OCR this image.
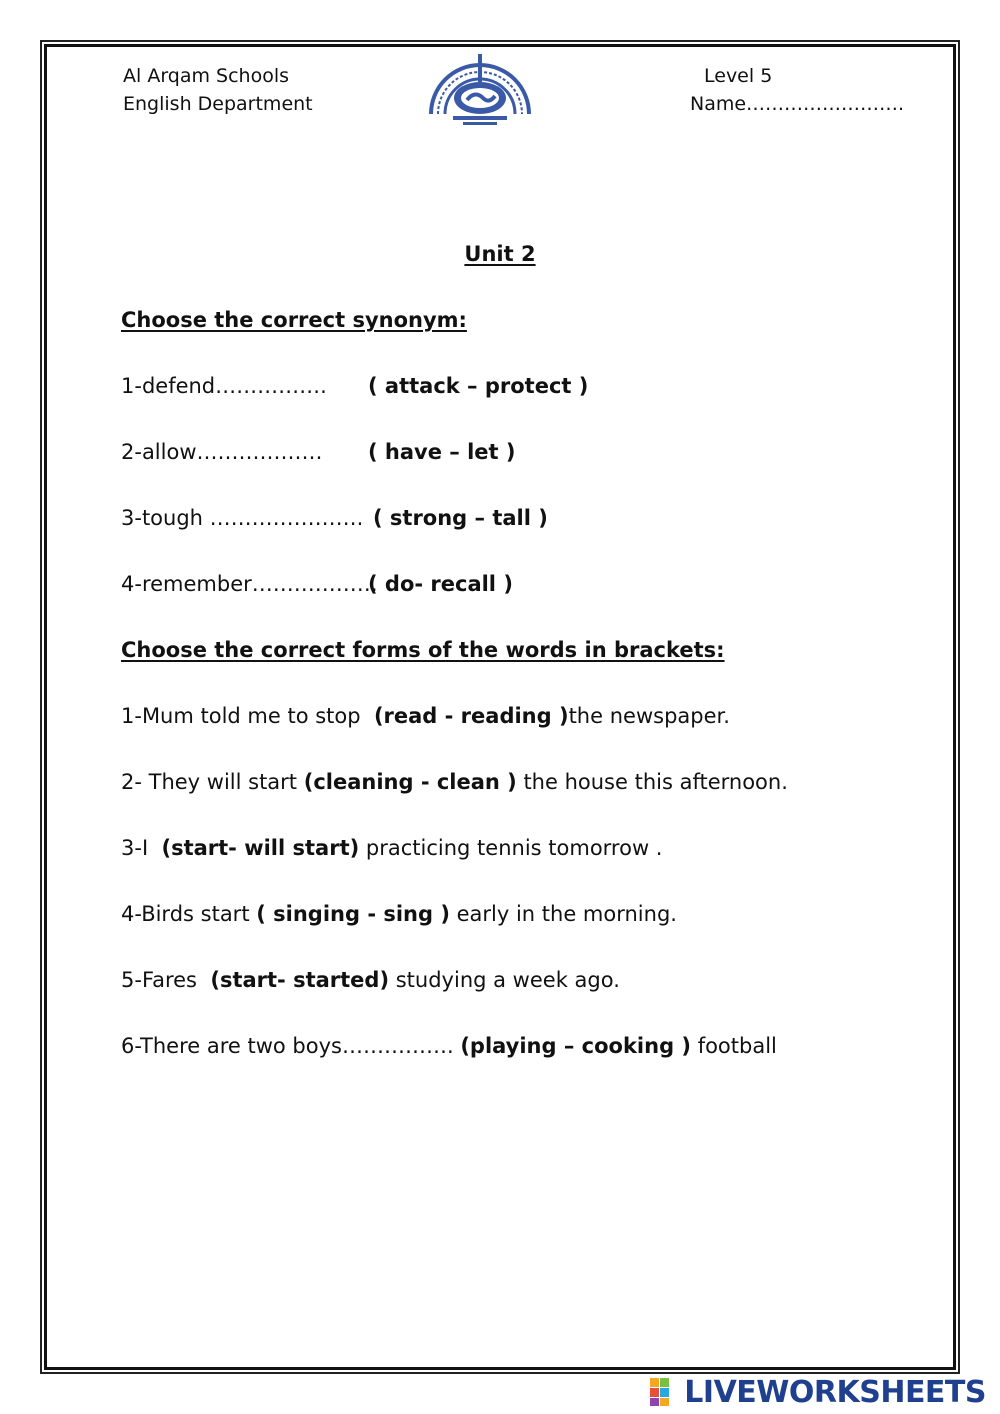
Al Arqam Schools
English Department
Level 5
Name…………………….
Unit 2
Choose the correct synonym:
1-defend……………. ( attack – protect )
2-allow……………… ( have – let )
3-tough …………………. ( strong – tall )
4-remember………………
( do- recall )
Choose the correct forms of the words in brackets:
1-Mum told me to stop  (read - reading )the newspaper.
2- They will start (cleaning - clean ) the house this afternoon.
3-I  (start- will start) practicing tennis tomorrow .
4-Birds start ( singing - sing ) early in the morning.
5-Fares  (start- started) studying a week ago.
6-There are two boys……………. (playing – cooking ) football
LIVEWORKSHEETS
